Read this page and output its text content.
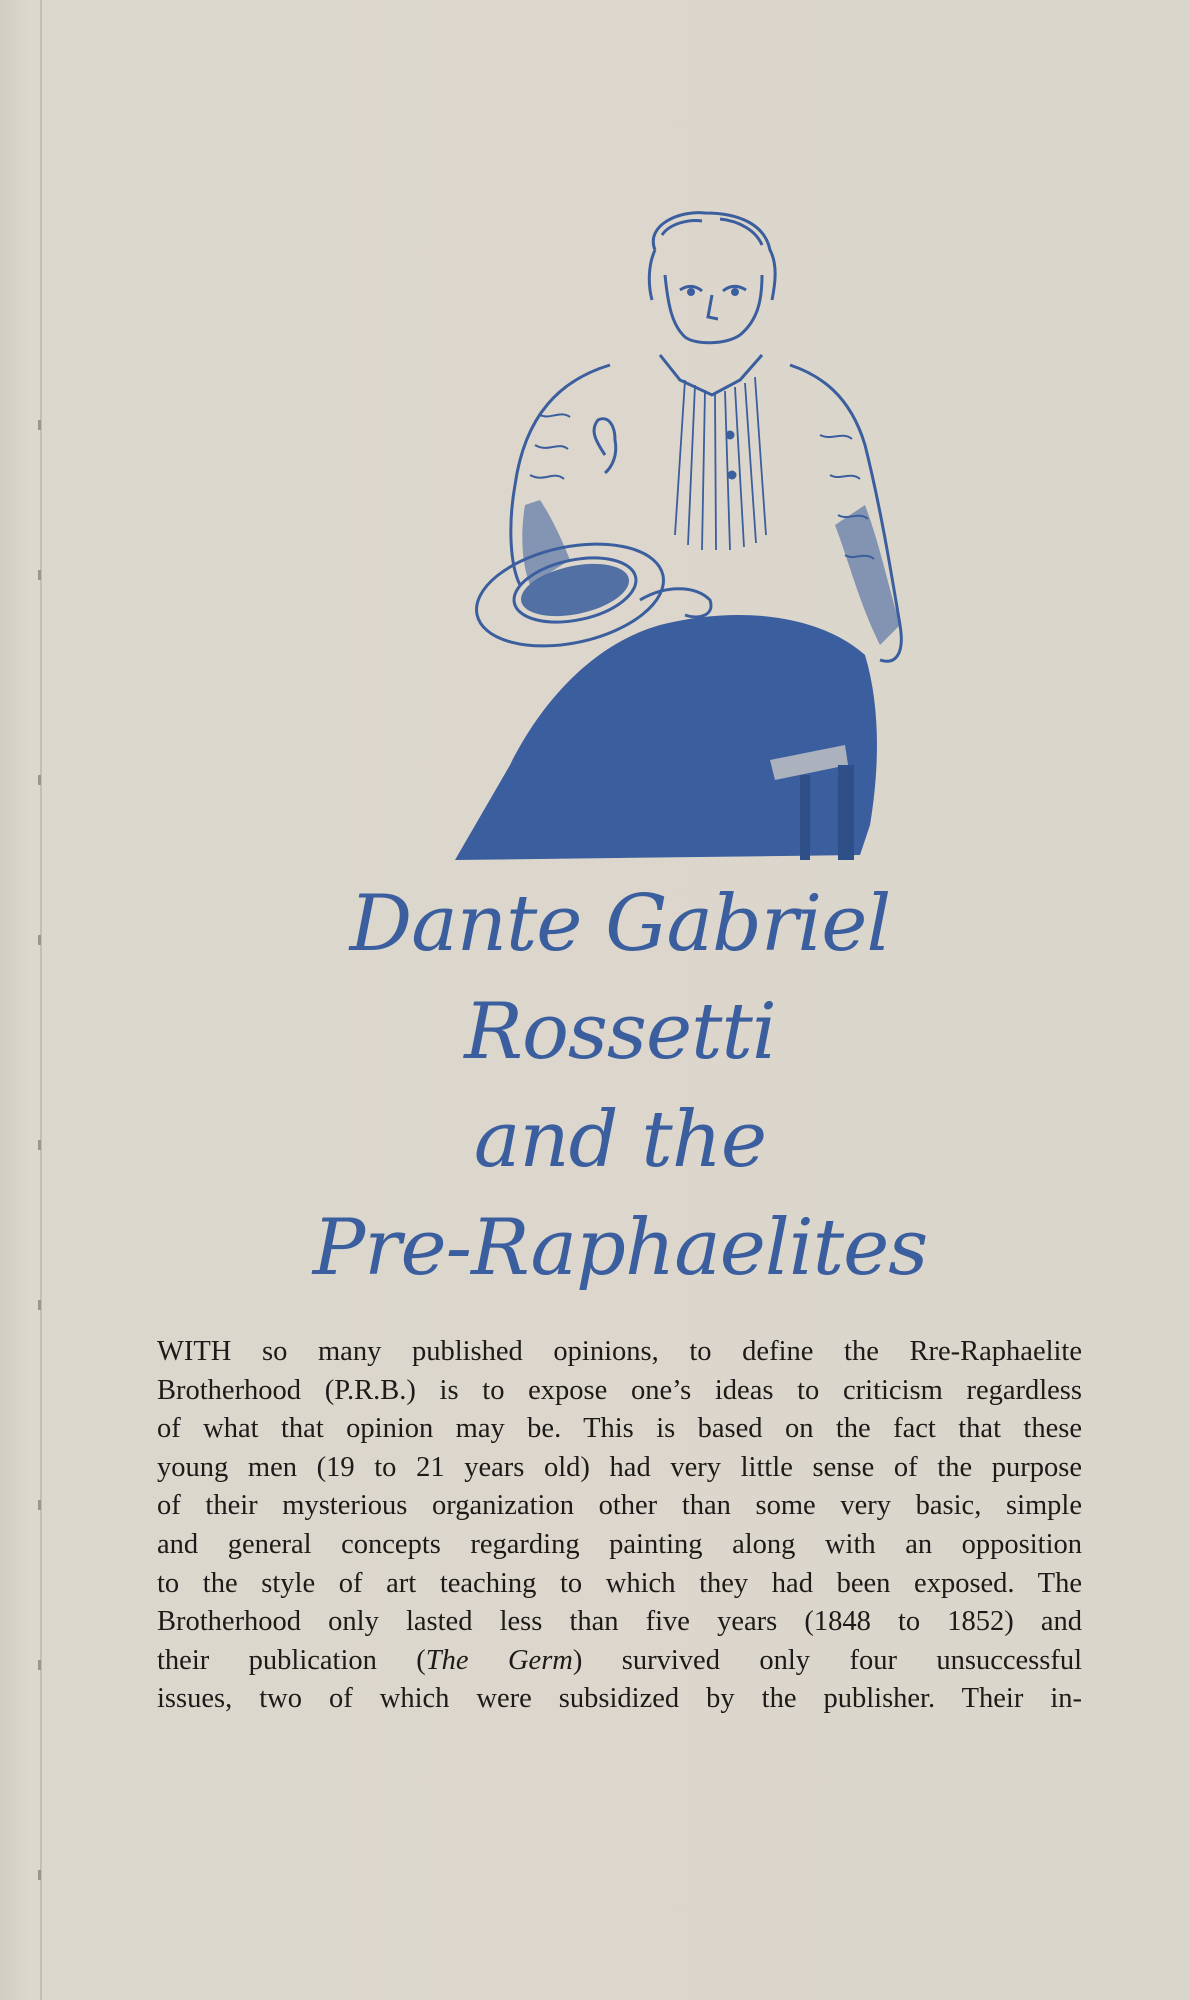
Dante Gabriel Rossetti
and the
Pre-Raphaelites
WITH so many published opinions, to define the Rre-Raphaelite
Brotherhood (P.R.B.) is to expose one’s ideas to criticism regardless
of what that opinion may be. This is based on the fact that these
young men (19 to 21 years old) had very little sense of the purpose
of their mysterious organization other than some very basic, simple
and general concepts regarding painting along with an opposition
to the style of art teaching to which they had been exposed. The
Brotherhood only lasted less than five years (1848 to 1852) and
their publication (The Germ) survived only four unsuccessful
issues, two of which were subsidized by the publisher. Their in-
